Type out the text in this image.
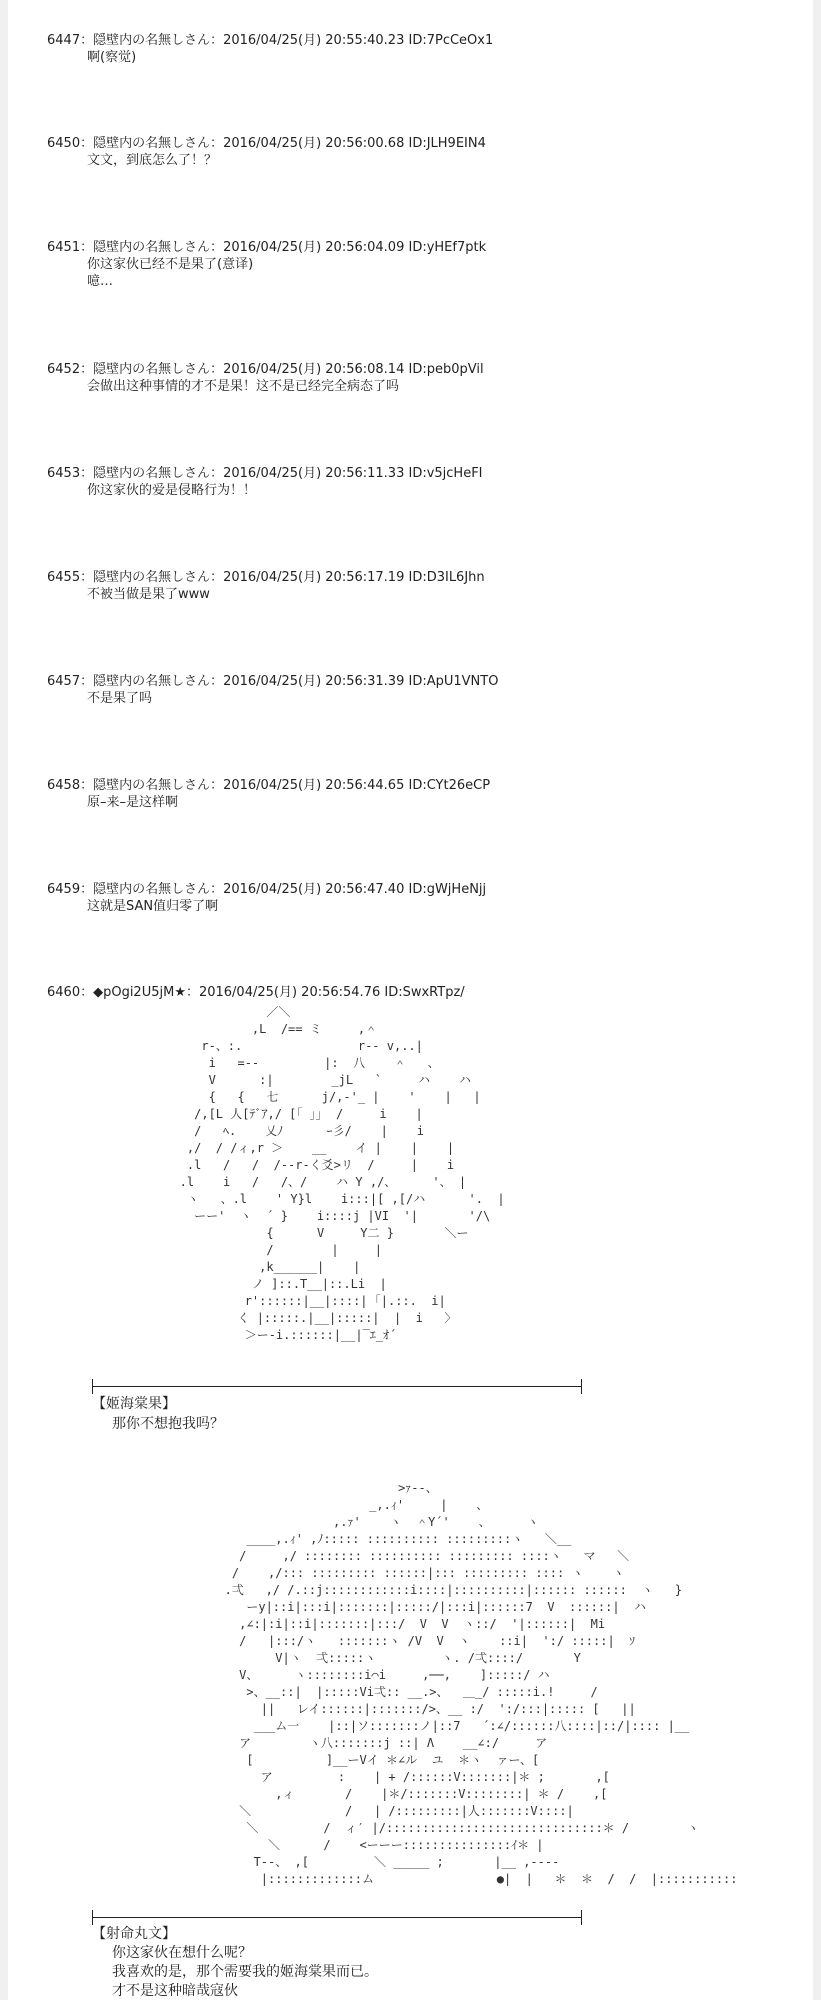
6447：隠壁内の名無しさん：2016/04/25(月) 20:55:40.23 ID:7PcCeOx1
啊(察觉)
6450：隠壁内の名無しさん：2016/04/25(月) 20:56:00.68 ID:JLH9EIN4
文文，到底怎么了！？
6451：隠壁内の名無しさん：2016/04/25(月) 20:56:04.09 ID:yHEf7ptk
你这家伙已经不是果了(意译)
噫…
6452：隠壁内の名無しさん：2016/04/25(月) 20:56:08.14 ID:peb0pVil
会做出这种事情的才不是果！这不是已经完全病态了吗
6453：隠壁内の名無しさん：2016/04/25(月) 20:56:11.33 ID:v5jcHeFI
你这家伙的爱是侵略行为！！
6455：隠壁内の名無しさん：2016/04/25(月) 20:56:17.19 ID:D3IL6Jhn
不被当做是果了www
6457：隠壁内の名無しさん：2016/04/25(月) 20:56:31.39 ID:ApU1VNTO
不是果了吗
6458：隠壁内の名無しさん：2016/04/25(月) 20:56:44.65 ID:CYt26eCP
原–来–是这样啊
6459：隠壁内の名無しさん：2016/04/25(月) 20:56:47.40 ID:gWjHeNjj
这就是SAN值归零了啊
6460：◆pOgi2U5jM★：2016/04/25(月) 20:56:54.76 ID:SwxRTpz/
／＼
,L  /== ミ     ,＾
r-、:.                r-- v,..|
i   =--         |:  八    ＾   、
V      :|        _jL   `     ハ    ハ
{   {   七      j/,-'_ |    '    |   |
/,[L 人[ﾃﾞｱ,/ [｢ ｣｣  /     i    |
/   ﾍ.    乂ﾉ      ｰ彡/    |    i
,/  / /ィ,r ＞    __    イ |    |    |
.l   /   /  /--r-く爻>リ  /     |    i
.l    i   /   /、/    ハ Y ,/、     '、 |
ヽ   、.l    ' Y}l    i:::|[ ,[/ハ      '.  |
ーー'  ヽ  ´ }    i::::j |VI  '|       '/\
{      V     Y二 }       ＼ー
/        |     |
,k______|    |
ノ ]::.T__|::.Li  |
r'::::::|__|::::| ｢|.::.  i|
く |:::::.|__|:::::|  |  i   〉
＞ー-i.::::::|__|‾ｴ_ｵ´
【姬海棠果】
那你不想抱我吗？
>ｧ‐-、
_,.ｨ'     |    、
,.ｧ'    ヽ  ＾Y´'    、     ヽ
____,.ｨ' ,ﾉ::::: :::::::::: :::::::::ヽ   ＼__
/     ,/ :::::::: :::::::::: ::::::::: ::::ヽ   マ   ＼
/    ,/::: ::::::::: ::::::|::: ::::::::: :::: ヽ    ヽ
.弌   ,/ /.::j::::::::::::i::::|::::::::::|:::::: ::::::  ヽ   }
ーy|::i|:::i|:::::::|:::::/|:::i|::::::7  V  ::::::|  ハ
,∠:|:i|::i|:::::::|:::/  V  V  ヽ::/  '|::::::|  Mi
/   |:::/ヽ   :::::::ヽ /V  V  ヽ    ::i|  ':/ :::::|  ｿ
V|ヽ  弌:::::ヽ         ヽ. /弌::::/       Y
V、     ヽ::::::::i⌒i     ,──,    ]:::::/ ハ
>、__::|  |:::::Vi弌:: __.>、  ＿_/ :::::i.!     /
||   レイ::::::|:::::::/>、__ :/  ':/:::|::::: [   ||
___ム一    |::|ソ:::::::ノ|::7   ´:∠/::::::八::::|::/|:::: |__
ア        ヽ八:::::::j ::| Λ    __∠:/     ア
[          ]__ーVイ ＊∠ル  ユ  ＊ヽ  ァー、[
ア         :    | + /::::::V:::::::|＊ ;       ,[
,ィ       /    |＊/:::::::V::::::::| ＊ /    ,[
＼             /   | /:::::::::|人:::::::V::::|
＼         /  ィ′ |/::::::::::::::::::::::::::::::＊ /        ヽ
＼      /    <ーーー:::::::::::::::ｲ＊ |
T--、 ,[         ＼ _____ ;       |__ ,----
|:::::::::::::ム                 ●|  |   ＊  ＊  /  /  |:::::::::::
【射命丸文】
你这家伙在想什么呢？
我喜欢的是，那个需要我的姬海棠果而已。
才不是这种暗哉寇伙
